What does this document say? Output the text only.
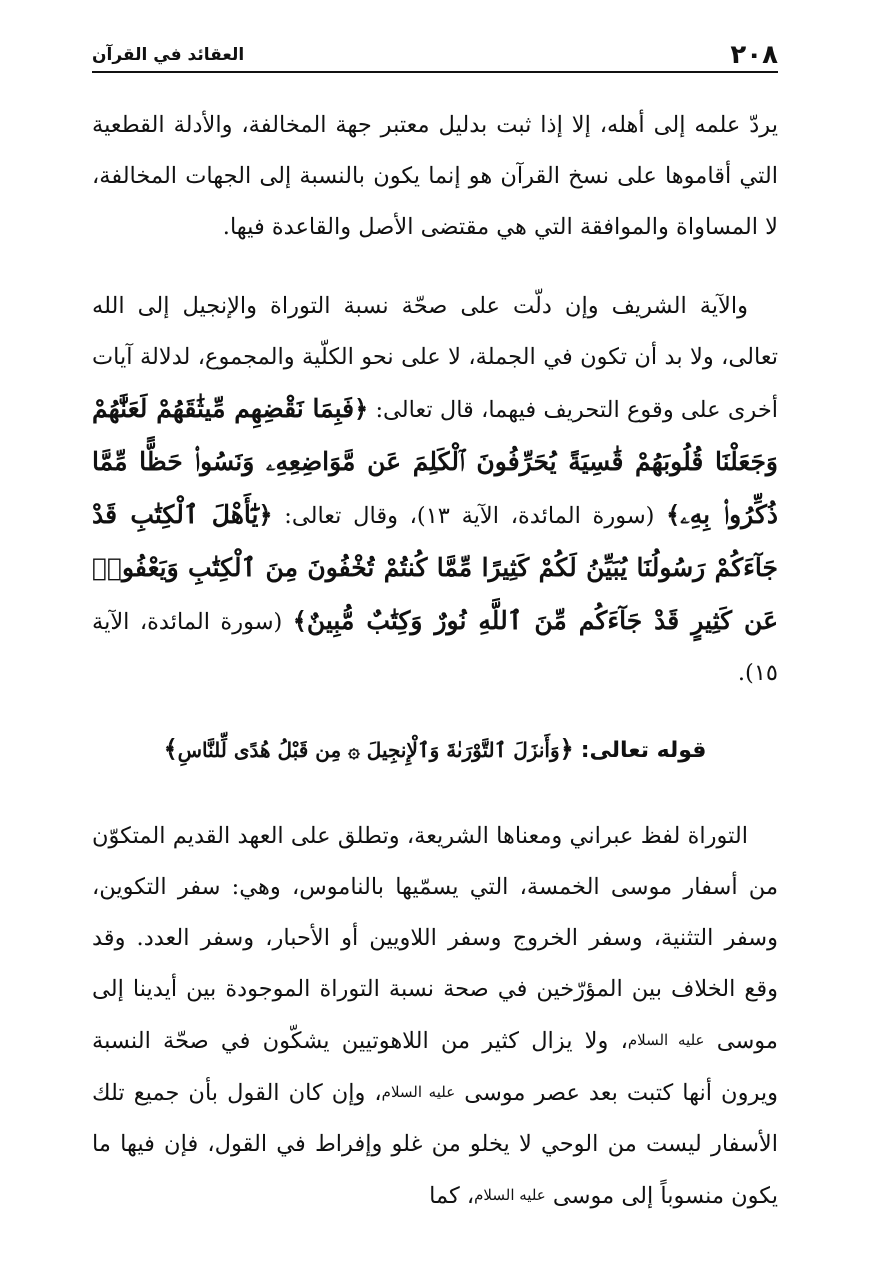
٢٠٨
العقائد في القرآن

يردّ علمه إلى أهله، إلا إذا ثبت بدليل معتبر جهة المخالفة، والأدلة القطعية التي أقاموها على نسخ القرآن هو إنما يكون بالنسبة إلى الجهات المخالفة، لا المساواة والموافقة التي هي مقتضى الأصل والقاعدة فيها.

والآية الشريف وإن دلّت على صحّة نسبة التوراة والإنجيل إلى الله تعالى، ولا بد أن تكون في الجملة، لا على نحو الكلّية والمجموع، لدلالة آيات أخرى على وقوع التحريف فيهما، قال تعالى: ﴿فَبِمَا نَقْضِهِم مِّيثَٰقَهُمْ لَعَنَّٰهُمْ وَجَعَلْنَا قُلُوبَهُمْ قَٰسِيَةً يُحَرِّفُونَ ٱلْكَلِمَ عَن مَّوَاضِعِهِۦ وَنَسُوا۟ حَظًّا مِّمَّا ذُكِّرُوا۟ بِهِۦ﴾ (سورة المائدة، الآية ١٣)، وقال تعالى: ﴿يَٰٓأَهْلَ ٱلْكِتَٰبِ قَدْ جَآءَكُمْ رَسُولُنَا يُبَيِّنُ لَكُمْ كَثِيرًا مِّمَّا كُنتُمْ تُخْفُونَ مِنَ ٱلْكِتَٰبِ وَيَعْفُوا۟ عَن كَثِيرٍ قَدْ جَآءَكُم مِّنَ ٱللَّهِ نُورٌ وَكِتَٰبٌ مُّبِينٌ﴾ (سورة المائدة، الآية ١٥).

قوله تعالى: ﴿وَأَنزَلَ ٱلتَّوْرَىٰةَ وَٱلْإِنجِيلَ ۞ مِن قَبْلُ هُدًى لِّلنَّاسِ﴾

التوراة لفظ عبراني ومعناها الشريعة، وتطلق على العهد القديم المتكوّن من أسفار موسى الخمسة، التي يسمّيها بالناموس، وهي: سفر التكوين، وسفر التثنية، وسفر الخروج وسفر اللاويين أو الأحبار، وسفر العدد. وقد وقع الخلاف بين المؤرّخين في صحة نسبة التوراة الموجودة بين أيدينا إلى موسى عليه السلام، ولا يزال كثير من اللاهوتيين يشكّون في صحّة النسبة ويرون أنها كتبت بعد عصر موسى عليه السلام، وإن كان القول بأن جميع تلك الأسفار ليست من الوحي لا يخلو من غلو وإفراط في القول، فإن فيها ما يكون منسوباً إلى موسى عليه السلام، كما
